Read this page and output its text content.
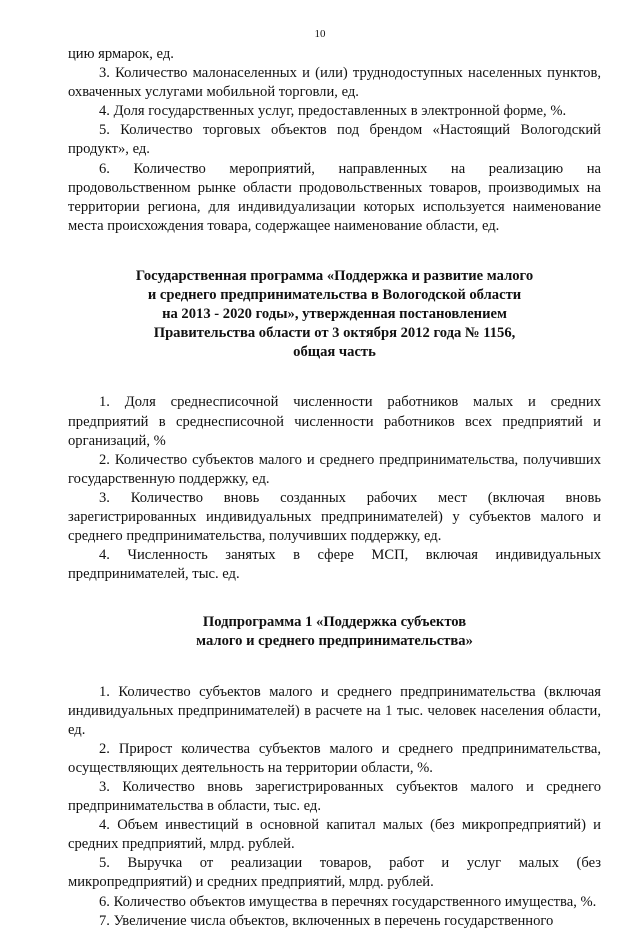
10

цию ярмарок, ед.

3. Количество малонаселенных и (или) труднодоступных населенных пунктов, охваченных услугами мобильной торговли, ед.

4. Доля государственных услуг, предоставленных в электронной форме, %.

5. Количество торговых объектов под брендом «Настоящий Вологодский продукт», ед.

6. Количество мероприятий, направленных на реализацию на продовольственном рынке области продовольственных товаров, производимых на территории региона, для индивидуализации которых используется наименование места происхождения товара, содержащее наименование области, ед.

Государственная программа «Поддержка и развитие малого
и среднего предпринимательства в Вологодской области
на 2013 - 2020 годы», утвержденная постановлением
Правительства области от 3 октября 2012 года № 1156,
общая часть

1. Доля среднесписочной численности работников малых и средних предприятий в среднесписочной численности работников всех предприятий и организаций, %

2. Количество субъектов малого и среднего предпринимательства, получивших государственную поддержку, ед.

3. Количество вновь созданных рабочих мест (включая вновь зарегистрированных индивидуальных предпринимателей) у субъектов малого и среднего предпринимательства, получивших поддержку, ед.

4. Численность занятых в сфере МСП, включая индивидуальных предпринимателей, тыс. ед.

Подпрограмма 1 «Поддержка субъектов
малого и среднего предпринимательства»

1. Количество субъектов малого и среднего предпринимательства (включая индивидуальных предпринимателей) в расчете на 1 тыс. человек населения области, ед.

2. Прирост количества субъектов малого и среднего предпринимательства, осуществляющих деятельность на территории области, %.

3. Количество вновь зарегистрированных субъектов малого и среднего предпринимательства в области, тыс. ед.

4. Объем инвестиций в основной капитал малых (без микропредприятий) и средних предприятий, млрд. рублей.

5. Выручка от реализации товаров, работ и услуг малых (без микропредприятий) и средних предприятий, млрд. рублей.

6. Количество объектов имущества в перечнях государственного имущества, %.

7. Увеличение числа объектов, включенных в перечень государственного
